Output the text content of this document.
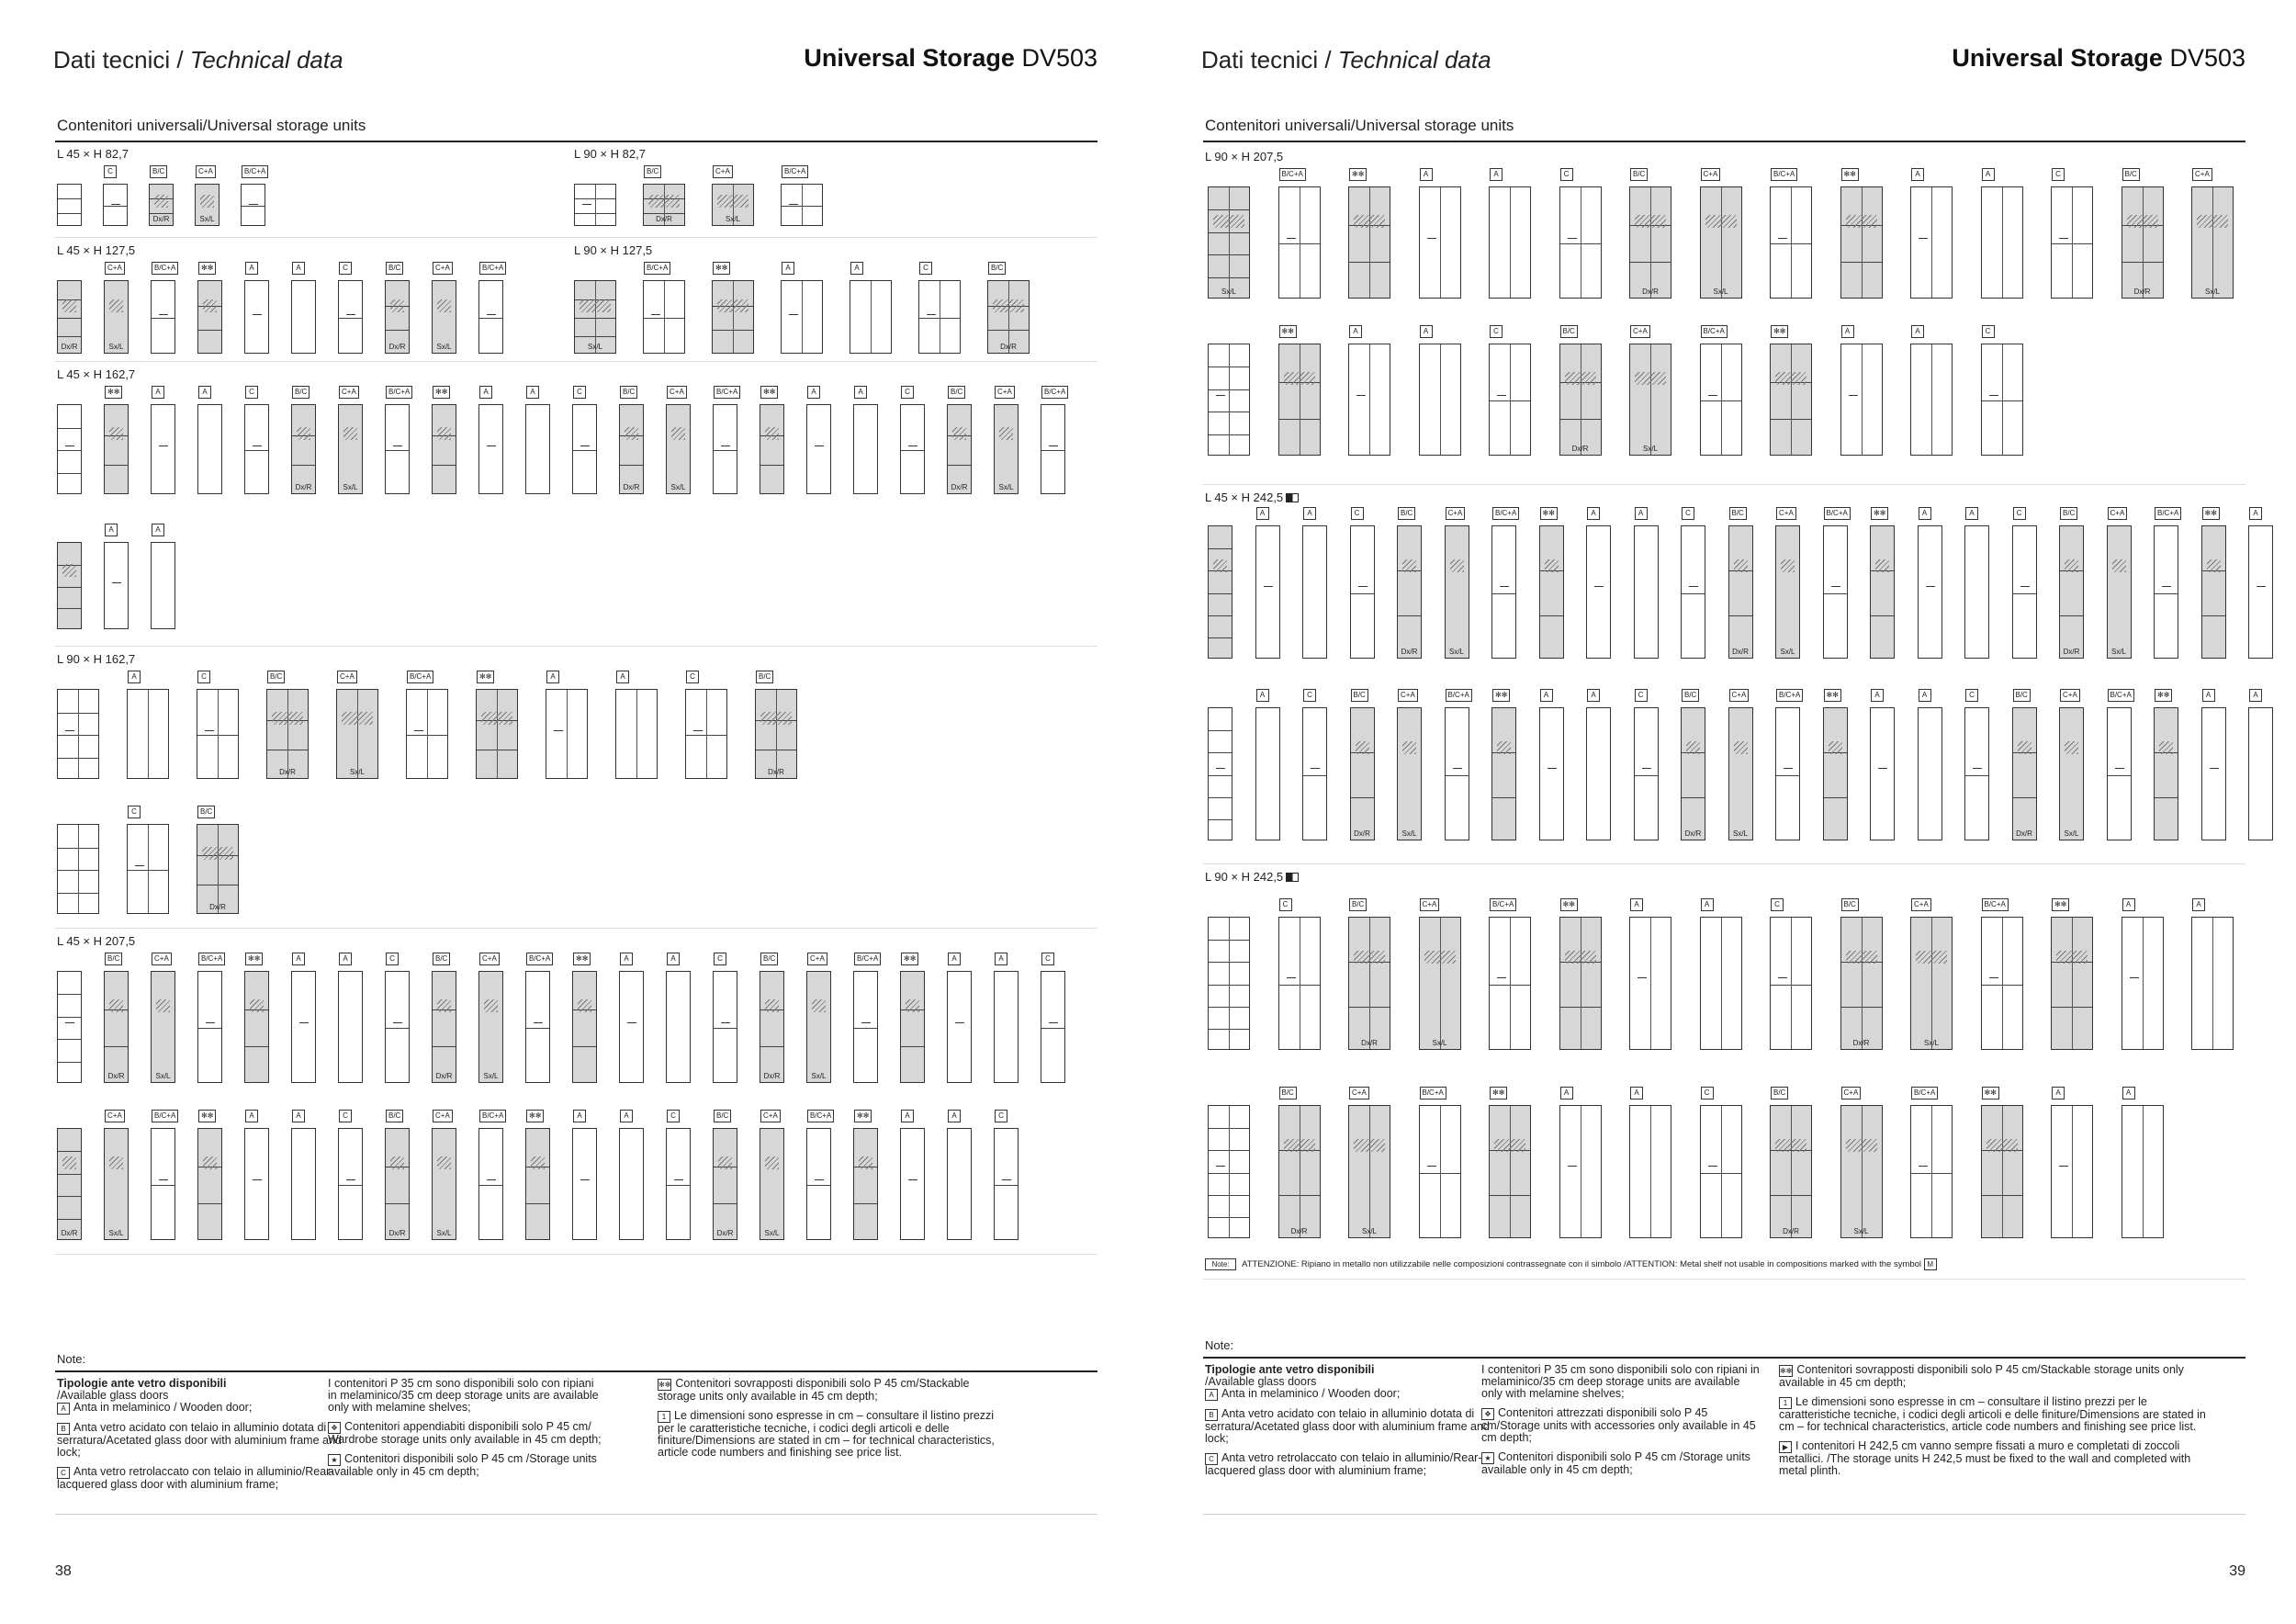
Dati tecnici / Technical data	Universal Storage DV503
Contenitori universali/Universal storage units
L 45 × H 82,7	L 90 × H 82,7
L 45 × H 127,5	L 90 × H 127,5
L 45 × H 162,7
L 90 × H 162,7
L 45 × H 207,5
C
Dx/R
B/C
Sx/L
C+A	B/C+A
Dx/R
B/C
Sx/L
C+A	B/C+A
Dx/R	Sx/L
C+A	B/C+A	✻✻	A	A	C
Dx/R
B/C
Sx/L
C+A	B/C+A
Sx/L
B/C+A	✻✻	A	A	C
Dx/R
B/C
✻✻	A	A	C
Dx/R
B/C
Sx/L
C+A	B/C+A	✻✻	A	A	C
Dx/R
B/C
Sx/L
C+A	B/C+A	✻✻	A	A	C
Dx/R
B/C
Sx/L
C+A	B/C+A
A	A
A	C
Dx/R
B/C
Sx/L
C+A	B/C+A	✻✻	A	A	C
Dx/R
B/C
C
Dx/R
B/C
Dx/R
B/C
Sx/L
C+A	B/C+A	✻✻	A	A	C
Dx/R
B/C
Sx/L
C+A	B/C+A	✻✻	A	A	C
Dx/R
B/C
Sx/L
C+A	B/C+A	✻✻	A	A	C
Dx/R	Sx/L
C+A	B/C+A	✻✻	A	A	C
Dx/R
B/C
Sx/L
C+A	B/C+A	✻✻	A	A	C
Dx/R
B/C
Sx/L
C+A	B/C+A	✻✻	A	A	C
Note:

Tipologie ante vetro disponibili
/Available glass doors
A Anta in melaminico / Wooden door;

B Anta vetro acidato con telaio in alluminio dotata di serratura/Acetated glass door with aluminium frame and lock;

C Anta vetro retrolaccato con telaio in alluminio/Rear-lacquered glass door with aluminium frame;

I contenitori P 35 cm sono disponibili solo con ripiani in melaminico/35 cm deep storage units are available only with melamine shelves;

✥ Contenitori appendiabiti disponibili solo P 45 cm/ Wardrobe storage units only available in 45 cm depth;

★ Contenitori disponibili solo P 45 cm /Storage units available only in 45 cm depth;

✻✻ Contenitori sovrapposti disponibili solo P 45 cm/Stackable storage units only available in 45 cm depth;

1 Le dimensioni sono espresse in cm – consultare il listino prezzi per le caratteristiche tecniche, i codici degli articoli e delle finiture/Dimensions are stated in cm – for technical characteristics, article code numbers and finishing see price list.

38
Dati tecnici / Technical data	Universal Storage DV503
Contenitori universali/Universal storage units
L 90 × H 207,5
L 45 × H 242,5
L 90 × H 242,5
Sx/L
B/C+A	✻✻	A	A	C
Dx/R
B/C
Sx/L
C+A	B/C+A	✻✻	A	A	C
Dx/R
B/C
Sx/L
C+A
✻✻	A	A	C
Dx/R
B/C
Sx/L
C+A	B/C+A	✻✻	A	A	C
A	A	C
Dx/R
B/C
Sx/L
C+A	B/C+A	✻✻	A	A	C
Dx/R
B/C
Sx/L
C+A	B/C+A	✻✻	A	A	C
Dx/R
B/C
Sx/L
C+A	B/C+A	✻✻	A
A	C
Dx/R
B/C
Sx/L
C+A	B/C+A	✻✻	A	A	C
Dx/R
B/C
Sx/L
C+A	B/C+A	✻✻	A	A	C
Dx/R
B/C
Sx/L
C+A	B/C+A	✻✻	A	A
C
Dx/R
B/C
Sx/L
C+A	B/C+A	✻✻	A	A	C
Dx/R
B/C
Sx/L
C+A	B/C+A	✻✻	A	A
Dx/R
B/C
Sx/L
C+A	B/C+A	✻✻	A	A	C
Dx/R
B/C
Sx/L
C+A	B/C+A	✻✻	A	A
Note: ATTENZIONE: Ripiano in metallo non utilizzabile nelle composizioni contrassegnate con il simbolo /ATTENTION: Metal shelf not usable in compositions marked with the symbol M
Note:

Tipologie ante vetro disponibili
/Available glass doors
A Anta in melaminico / Wooden door;

B Anta vetro acidato con telaio in alluminio dotata di serratura/Acetated glass door with aluminium frame and lock;

C Anta vetro retrolaccato con telaio in alluminio/Rear-lacquered glass door with aluminium frame;

I contenitori P 35 cm sono disponibili solo con ripiani in melaminico/35 cm deep storage units are available only with melamine shelves;

✥ Contenitori attrezzati disponibili solo P 45 cm/Storage units with accessories only available in 45 cm depth;

★ Contenitori disponibili solo P 45 cm /Storage units available only in 45 cm depth;

✻✻ Contenitori sovrapposti disponibili solo P 45 cm/Stackable storage units only available in 45 cm depth;

1 Le dimensioni sono espresse in cm – consultare il listino prezzi per le caratteristiche tecniche, i codici degli articoli e delle finiture/Dimensions are stated in cm – for technical characteristics, article code numbers and finishing see price list.

▶ I contenitori H 242,5 cm vanno sempre fissati a muro e completati di zoccoli metallici. /The storage units H 242,5 must be fixed to the wall and completed with metal plinth.

39
